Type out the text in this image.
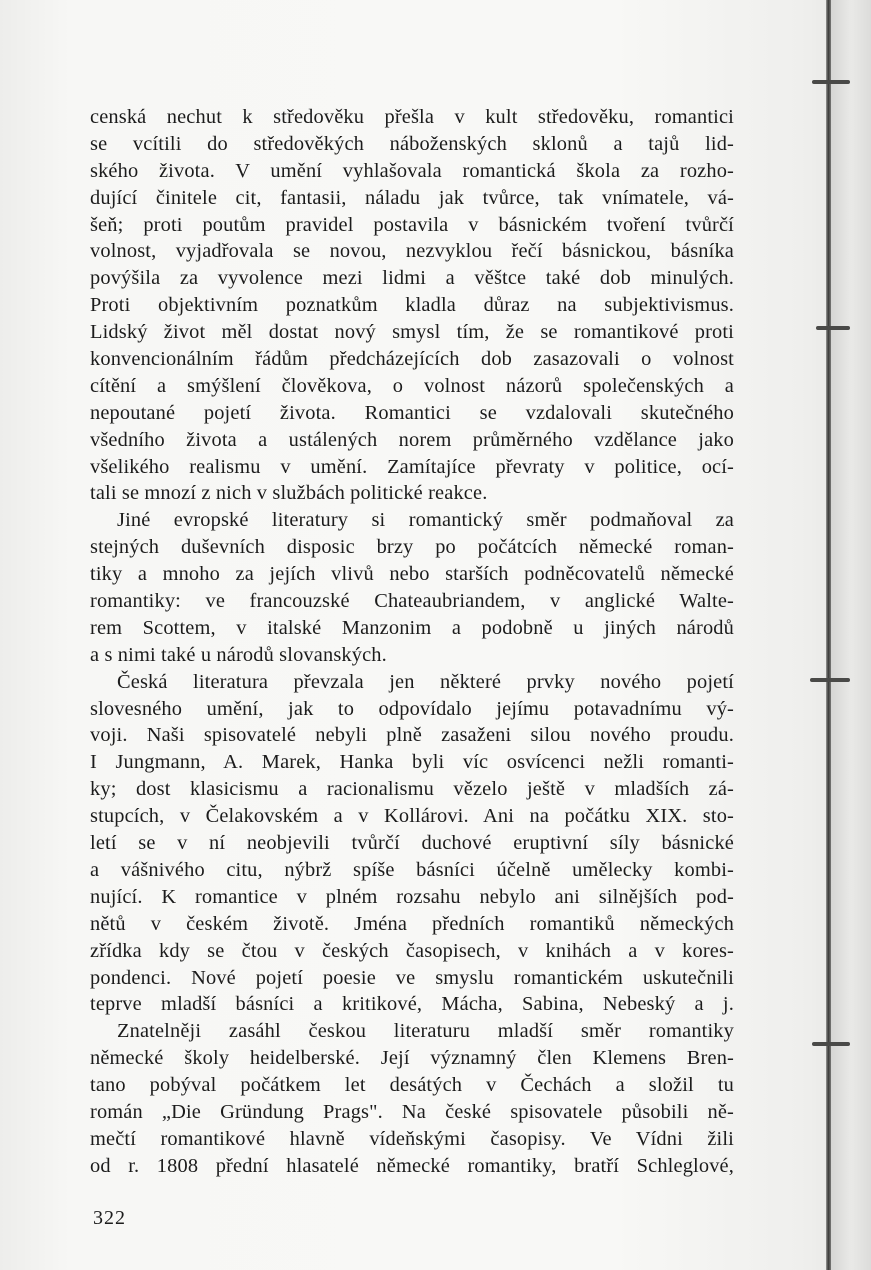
censká nechut k středověku přešla v kult středověku, romantici
se vcítili do středověkých náboženských sklonů a tajů lid-
ského života. V umění vyhlašovala romantická škola za rozho-
dující činitele cit, fantasii, náladu jak tvůrce, tak vnímatele, vá-
šeň; proti poutům pravidel postavila v básnickém tvoření tvůrčí
volnost, vyjadřovala se novou, nezvyklou řečí básnickou, básníka
povýšila za vyvolence mezi lidmi a věštce také dob minulých.
Proti objektivním poznatkům kladla důraz na subjektivismus.
Lidský život měl dostat nový smysl tím, že se romantikové proti
konvencionálním řádům předcházejících dob zasazovali o volnost
cítění a smýšlení člověkova, o volnost názorů společenských a
nepoutané pojetí života. Romantici se vzdalovali skutečného
všedního života a ustálených norem průměrného vzdělance jako
všelikého realismu v umění. Zamítajíce převraty v politice, ocí-
tali se mnozí z nich v službách politické reakce.
Jiné evropské literatury si romantický směr podmaňoval za
stejných duševních disposic brzy po počátcích německé roman-
tiky a mnoho za jejích vlivů nebo starších podněcovatelů německé
romantiky: ve francouzské Chateaubriandem, v anglické Walte-
rem Scottem, v italské Manzonim a podobně u jiných národů
a s nimi také u národů slovanských.
Česká literatura převzala jen některé prvky nového pojetí
slovesného umění, jak to odpovídalo jejímu potavadnímu vý-
voji. Naši spisovatelé nebyli plně zasaženi silou nového proudu.
I Jungmann, A. Marek, Hanka byli víc osvícenci nežli romanti-
ky; dost klasicismu a racionalismu vězelo ještě v mladších zá-
stupcích, v Čelakovském a v Kollárovi. Ani na počátku XIX. sto-
letí se v ní neobjevili tvůrčí duchové eruptivní síly básnické
a vášnivého citu, nýbrž spíše básníci účelně umělecky kombi-
nující. K romantice v plném rozsahu nebylo ani silnějších pod-
nětů v českém životě. Jména předních romantiků německých
zřídka kdy se čtou v českých časopisech, v knihách a v kores-
pondenci. Nové pojetí poesie ve smyslu romantickém uskutečnili
teprve mladší básníci a kritikové, Mácha, Sabina, Nebeský a j.
Znatelněji zasáhl českou literaturu mladší směr romantiky
německé školy heidelberské. Její významný člen Klemens Bren-
tano pobýval počátkem let desátých v Čechách a složil tu
román „Die Gründung Prags". Na české spisovatele působili ně-
mečtí romantikové hlavně vídeňskými časopisy. Ve Vídni žili
od r. 1808 přední hlasatelé německé romantiky, bratří Schleglové,
322
